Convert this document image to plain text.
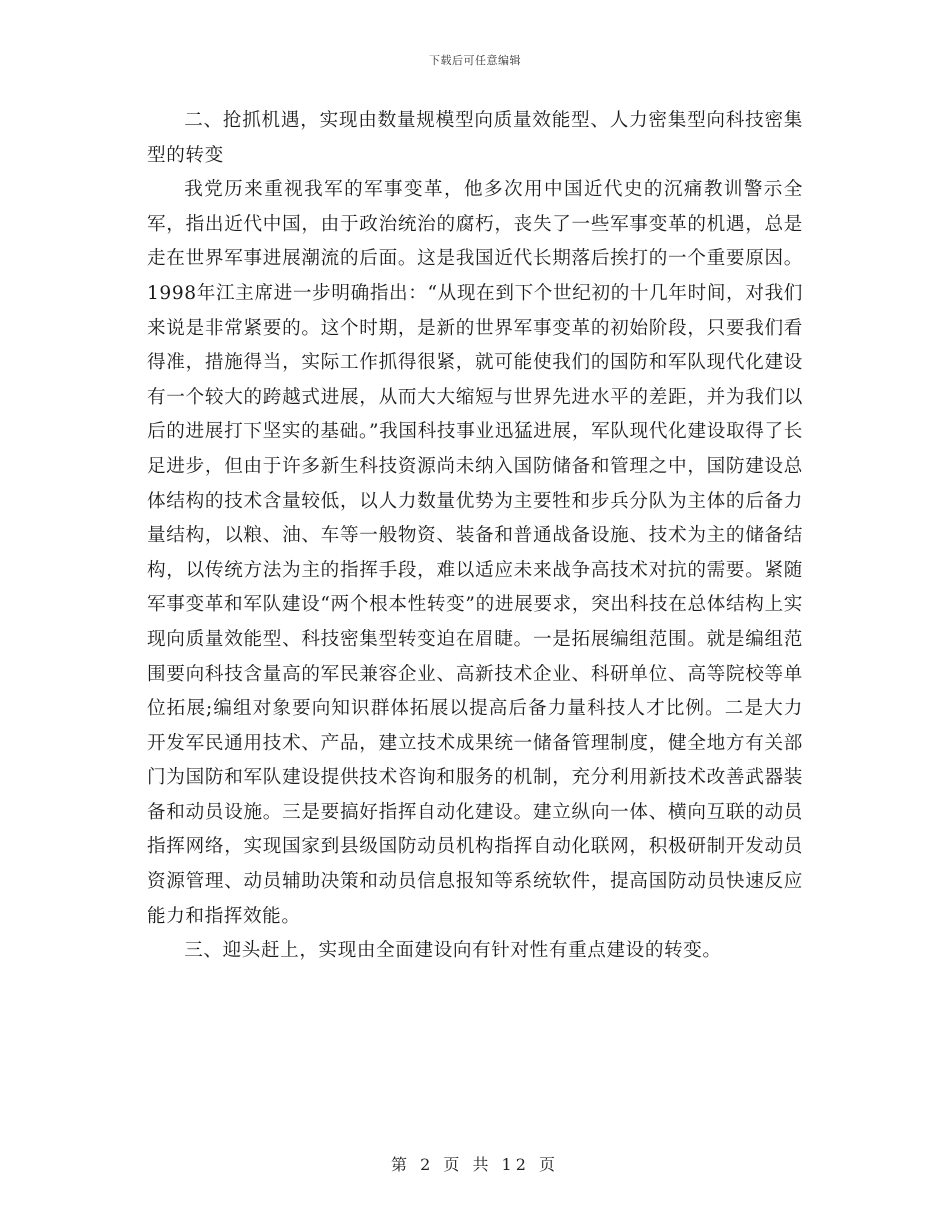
下载后可任意编辑

二、抢抓机遇，实现由数量规模型向质量效能型、人力密集型向科技密集型的转变

我党历来重视我军的军事变革，他多次用中国近代史的沉痛教训警示全军，指出近代中国，由于政治统治的腐朽，丧失了一些军事变革的机遇，总是走在世界军事进展潮流的后面。这是我国近代长期落后挨打的一个重要原因。1998年江主席进一步明确指出：“从现在到下个世纪初的十几年时间，对我们来说是非常紧要的。这个时期，是新的世界军事变革的初始阶段，只要我们看得准，措施得当，实际工作抓得很紧，就可能使我们的国防和军队现代化建设有一个较大的跨越式进展，从而大大缩短与世界先进水平的差距，并为我们以后的进展打下坚实的基础。”我国科技事业迅猛进展，军队现代化建设取得了长足进步，但由于许多新生科技资源尚未纳入国防储备和管理之中，国防建设总体结构的技术含量较低，以人力数量优势为主要牲和步兵分队为主体的后备力量结构，以粮、油、车等一般物资、装备和普通战备设施、技术为主的储备结构，以传统方法为主的指挥手段，难以适应未来战争高技术对抗的需要。紧随军事变革和军队建设“两个根本性转变”的进展要求，突出科技在总体结构上实现向质量效能型、科技密集型转变迫在眉睫。一是拓展编组范围。就是编组范围要向科技含量高的军民兼容企业、高新技术企业、科研单位、高等院校等单位拓展;编组对象要向知识群体拓展以提高后备力量科技人才比例。二是大力开发军民通用技术、产品，建立技术成果统一储备管理制度，健全地方有关部门为国防和军队建设提供技术咨询和服务的机制，充分利用新技术改善武器装备和动员设施。三是要搞好指挥自动化建设。建立纵向一体、横向互联的动员指挥网络，实现国家到县级国防动员机构指挥自动化联网，积极研制开发动员资源管理、动员辅助决策和动员信息报知等系统软件，提高国防动员快速反应能力和指挥效能。

三、迎头赶上，实现由全面建设向有针对性有重点建设的转变。

第 2 页 共 12 页
